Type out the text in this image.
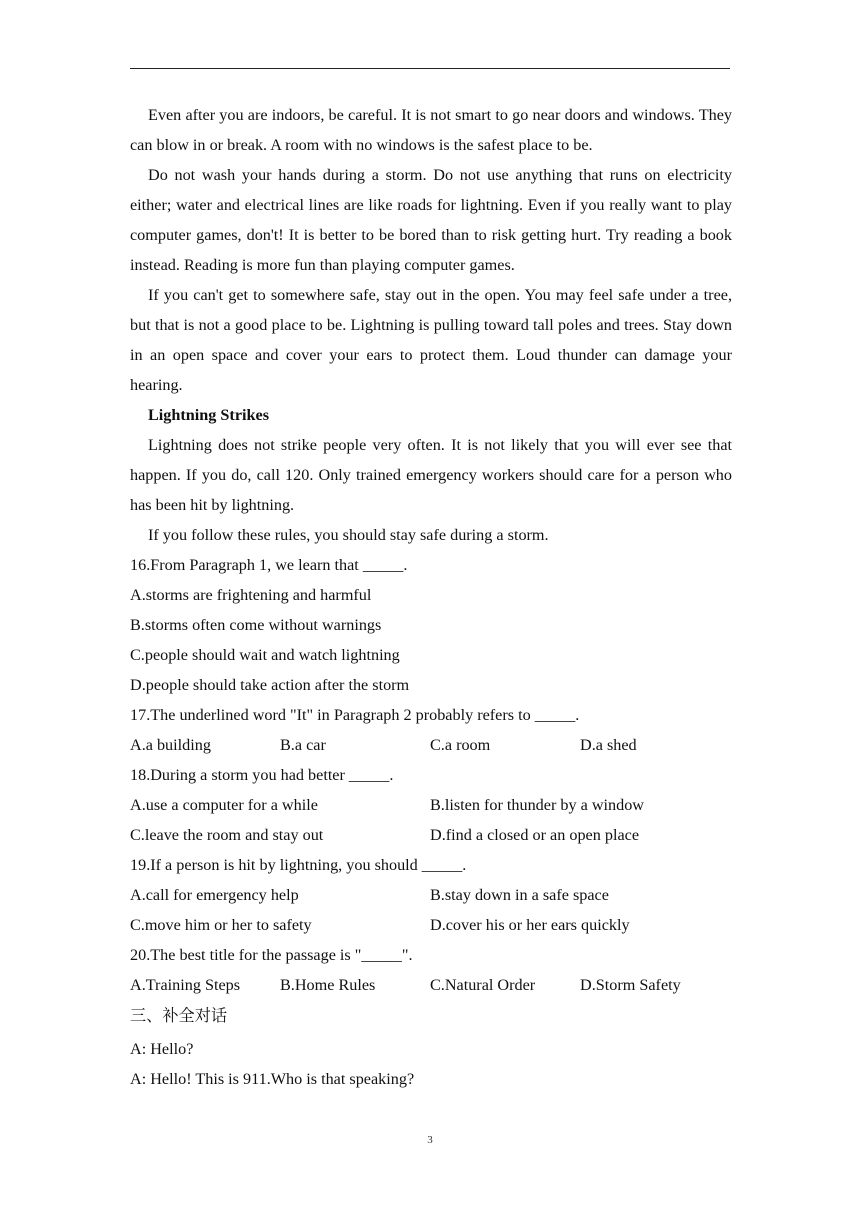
Even after you are indoors, be careful. It is not smart to go near doors and windows. They can blow in or break. A room with no windows is the safest place to be.

Do not wash your hands during a storm. Do not use anything that runs on electricity either; water and electrical lines are like roads for lightning. Even if you really want to play computer games, don't! It is better to be bored than to risk getting hurt. Try reading a book instead. Reading is more fun than playing computer games.

If you can't get to somewhere safe, stay out in the open. You may feel safe under a tree, but that is not a good place to be. Lightning is pulling toward tall poles and trees. Stay down in an open space and cover your ears to protect them. Loud thunder can damage your hearing.

Lightning Strikes

Lightning does not strike people very often. It is not likely that you will ever see that happen. If you do, call 120. Only trained emergency workers should care for a person who has been hit by lightning.

If you follow these rules, you should stay safe during a storm.

16.From Paragraph 1, we learn that _____.

A.storms are frightening and harmful

B.storms often come without warnings

C.people should wait and watch lightning

D.people should take action after the storm

17.The underlined word "It" in Paragraph 2 probably refers to _____.

A.a building	B.a car	C.a room	D.a shed

18.During a storm you had better _____.

A.use a computer for a while	B.listen for thunder by a window
C.leave the room and stay out	D.find a closed or an open place

19.If a person is hit by lightning, you should _____.

A.call for emergency help	B.stay down in a safe space
C.move him or her to safety	D.cover his or her ears quickly

20.The best title for the passage is "_____".

A.Training Steps	B.Home Rules	C.Natural Order	D.Storm Safety

三、补全对话

A: Hello?

A: Hello! This is 911.Who is that speaking?

3
